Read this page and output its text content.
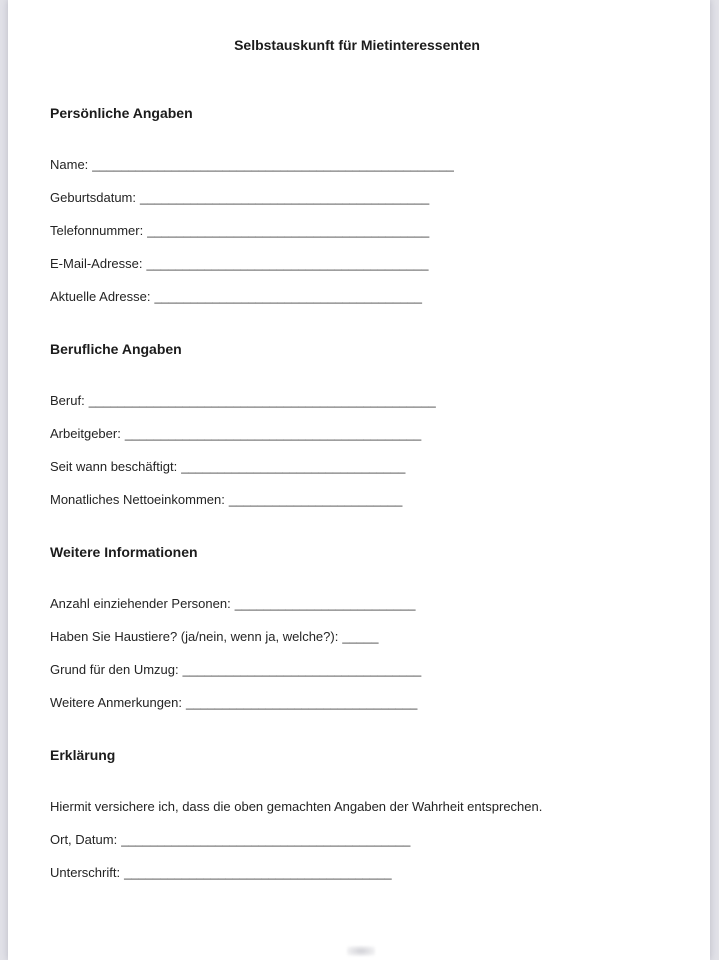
Selbstauskunft für Mietinteressenten
Persönliche Angaben

Name: __________________________________________________

Geburtsdatum: ________________________________________

Telefonnummer: _______________________________________

E-Mail-Adresse: _______________________________________

Aktuelle Adresse: _____________________________________

Berufliche Angaben

Beruf: ________________________________________________

Arbeitgeber: _________________________________________

Seit wann beschäftigt: _______________________________

Monatliches Nettoeinkommen: ________________________

Weitere Informationen

Anzahl einziehender Personen: _________________________

Haben Sie Haustiere? (ja/nein, wenn ja, welche?): _____

Grund für den Umzug: _________________________________

Weitere Anmerkungen: ________________________________

Erklärung

Hiermit versichere ich, dass die oben gemachten Angaben der Wahrheit entsprechen.

Ort, Datum: ________________________________________

Unterschrift: _____________________________________
